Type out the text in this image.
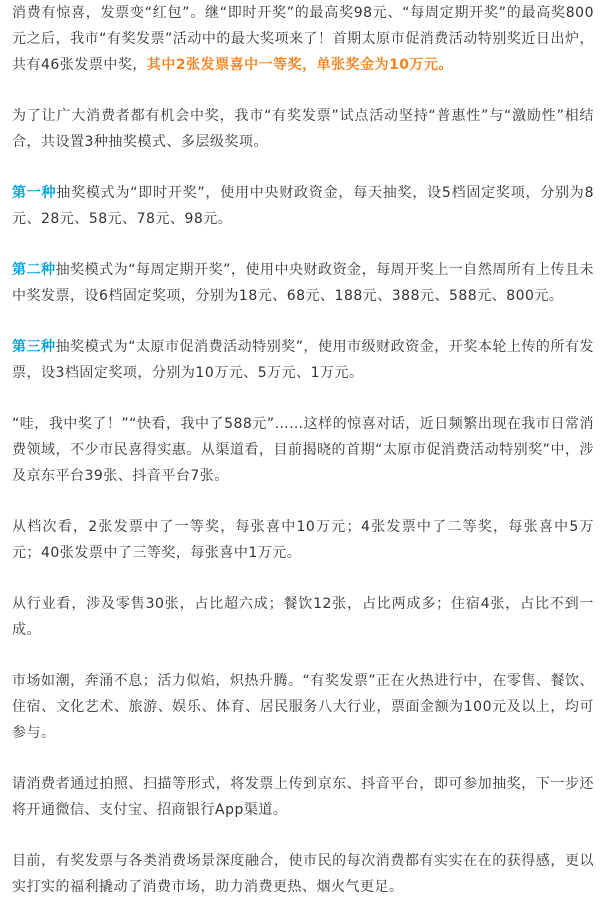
消费有惊喜，发票变“红包”。继“即时开奖”的最高奖98元、“每周定期开奖”的最高奖800元之后，我市“有奖发票”活动中的最大奖项来了！首期太原市促消费活动特别奖近日出炉，共有46张发票中奖，其中2张发票喜中一等奖，单张奖金为10万元。

为了让广大消费者都有机会中奖，我市“有奖发票”试点活动坚持“普惠性”与“激励性”相结合，共设置3种抽奖模式、多层级奖项。

第一种抽奖模式为“即时开奖”，使用中央财政资金，每天抽奖，设5档固定奖项，分别为8元、28元、58元、78元、98元。

第二种抽奖模式为“每周定期开奖”，使用中央财政资金，每周开奖上一自然周所有上传且未中奖发票，设6档固定奖项，分别为18元、68元、188元、388元、588元、800元。

第三种抽奖模式为“太原市促消费活动特别奖”，使用市级财政资金，开奖本轮上传的所有发票，设3档固定奖项，分别为10万元、5万元、1万元。

“哇，我中奖了！”“快看，我中了588元”……这样的惊喜对话，近日频繁出现在我市日常消费领域，不少市民喜得实惠。从渠道看，目前揭晓的首期“太原市促消费活动特别奖”中，涉及京东平台39张、抖音平台7张。

从档次看，2张发票中了一等奖，每张喜中10万元；4张发票中了二等奖，每张喜中5万元；40张发票中了三等奖，每张喜中1万元。

从行业看，涉及零售30张，占比超六成；餐饮12张，占比两成多；住宿4张，占比不到一成。

市场如潮，奔涌不息；活力似焰，炽热升腾。“有奖发票”正在火热进行中，在零售、餐饮、住宿、文化艺术、旅游、娱乐、体育、居民服务八大行业，票面金额为100元及以上，均可参与。

请消费者通过拍照、扫描等形式，将发票上传到京东、抖音平台，即可参加抽奖，下一步还将开通微信、支付宝、招商银行App渠道。

目前，有奖发票与各类消费场景深度融合，使市民的每次消费都有实实在在的获得感，更以实打实的福利撬动了消费市场，助力消费更热、烟火气更足。
